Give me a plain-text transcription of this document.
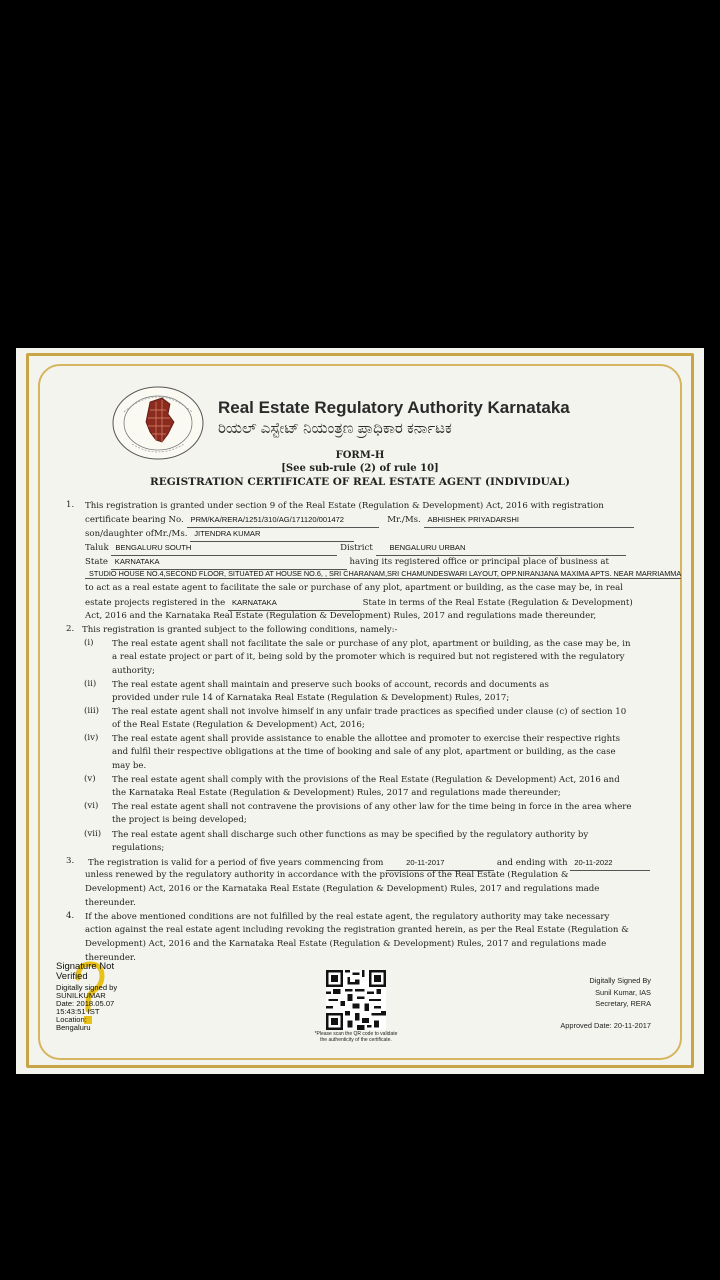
Real Estate Regulatory Authority Karnataka
ರಿಯಲ್ ಎಸ್ಟೇಟ್ ನಿಯಂತ್ರಣ ಪ್ರಾಧಿಕಾರ ಕರ್ನಾಟಕ
FORM-H
[See sub-rule (2) of rule 10]
REGISTRATION CERTIFICATE OF REAL ESTATE AGENT (INDIVIDUAL)
1. This registration is granted under section 9 of the Real Estate (Regulation & Development) Act, 2016 with registration
certificate bearing No. PRM/KA/RERA/1251/310/AG/171120/001472	Mr./Ms. ABHISHEK PRIYADARSHI
son/daughter ofMr./Ms. JITENDRA KUMAR
Taluk BENGALURU SOUTH	District BENGALURU URBAN
State KARNATAKA	having its registered office or principal place of business at
STUDIO HOUSE NO.4,SECOND FLOOR, SITUATED AT HOUSE NO.6, , SRI CHARANAM,SRI CHAMUNDESWARI LAYOUT, OPP.NIRANJANA MAXIMA APTS. NEAR MARRIAMMA
to act as a real estate agent to facilitate the sale or purchase of any plot, apartment or building, as the case may be, in real
estate projects registered in the KARNATAKA	State in terms of the Real Estate (Regulation & Development)
Act, 2016 and the Karnataka Real Estate (Regulation & Development) Rules, 2017 and regulations made thereunder,
2. This registration is granted subject to the following conditions, namely:-
(i) The real estate agent shall not facilitate the sale or purchase of any plot, apartment or building, as the case may be, in
a real estate project or part of it, being sold by the promoter which is required but not registered with the regulatory
authority;
(ii) The real estate agent shall maintain and preserve such books of account, records and documents as
provided under rule 14 of Karnataka Real Estate (Regulation & Development) Rules, 2017;
(iii) The real estate agent shall not involve himself in any unfair trade practices as specified under clause (c) of section 10
of the Real Estate (Regulation & Development) Act, 2016;
(iv) The real estate agent shall provide assistance to enable the allottee and promoter to exercise their respective rights
and fulfil their respective obligations at the time of booking and sale of any plot, apartment or building, as the case
may be.
(v) The real estate agent shall comply with the provisions of the Real Estate (Regulation & Development) Act, 2016 and
the Karnataka Real Estate (Regulation & Development) Rules, 2017 and regulations made thereunder;
(vi) The real estate agent shall not contravene the provisions of any other law for the time being in force in the area where
the project is being developed;
(vii) The real estate agent shall discharge such other functions as may be specified by the regulatory authority by
regulations;
3. The registration is valid for a period of five years commencing from	20-11-2017	and ending with 20-11-2022
unless renewed by the regulatory authority in accordance with the provisions of the Real Estate (Regulation &
Development) Act, 2016 or the Karnataka Real Estate (Regulation & Development) Rules, 2017 and regulations made
thereunder.
4. If the above mentioned conditions are not fulfilled by the real estate agent, the regulatory authority may take necessary
action against the real estate agent including revoking the registration granted herein, as per the Real Estate (Regulation &
Development) Act, 2016 and the Karnataka Real Estate (Regulation & Development) Rules, 2017 and regulations made
thereunder.
Signature Not
Verified
Digitally signed by
SUNILKUMAR
Date: 2018.05.07
15:43:51 IST
Location:
Bengaluru
*Please scan the QR code to validate
the authenticity of the certificate.
Digitally Signed By
Sunil Kumar, IAS
Secretary, RERA
Approved Date: 20-11-2017
